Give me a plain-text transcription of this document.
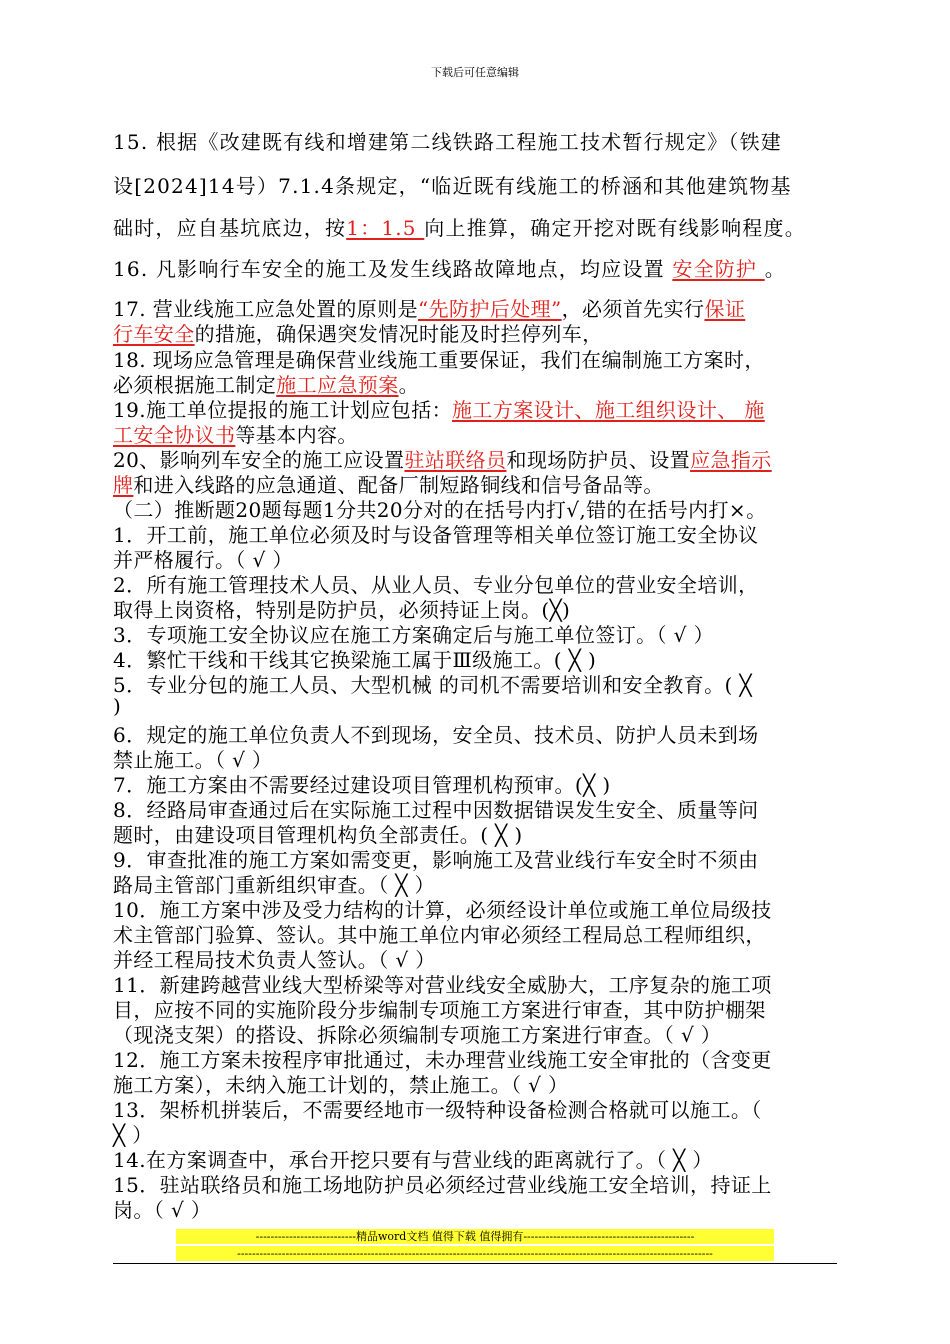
下载后可任意编辑
15. 根据《改建既有线和增建第二线铁路工程施工技术暂行规定》（铁建
设[2024]14号）7.1.4条规定，“临近既有线施工的桥涵和其他建筑物基
础时，应自基坑底边，按1：1.5 向上推算，确定开挖对既有线影响程度。
16. 凡影响行车安全的施工及发生线路故障地点，均应设置 安全防护 。
17. 营业线施工应急处置的原则是“先防护后处理”，必须首先实行保证
行车安全的措施，确保遇突发情况时能及时拦停列车，
18. 现场应急管理是确保营业线施工重要保证，我们在编制施工方案时，
必须根据施工制定施工应急预案。
19.施工单位提报的施工计划应包括：施工方案设计、施工组织设计、 施
工安全协议书等基本内容。
20、影响列车安全的施工应设置驻站联络员和现场防护员、设置应急指示
牌和进入线路的应急通道、配备厂制短路铜线和信号备品等。
（二）推断题20题每题1分共20分对的在括号内打√,错的在括号内打×。
1．开工前，施工单位必须及时与设备管理等相关单位签订施工安全协议
并严格履行。（ √ ）
2．所有施工管理技术人员、从业人员、专业分包单位的营业安全培训，
取得上岗资格，特别是防护员，必须持证上岗。(╳)
3．专项施工安全协议应在施工方案确定后与施工单位签订。（ √ ）
4．繁忙干线和干线其它换梁施工属于Ⅲ级施工。( ╳ )
5．专业分包的施工人员、大型机械 的司机不需要培训和安全教育。( ╳
)
6．规定的施工单位负责人不到现场，安全员、技术员、防护人员未到场
禁止施工。（ √ ）
7．施工方案由不需要经过建设项目管理机构预审。(╳ )
8．经路局审查通过后在实际施工过程中因数据错误发生安全、质量等问
题时，由建设项目管理机构负全部责任。( ╳ )
9．审查批准的施工方案如需变更，影响施工及营业线行车安全时不须由
路局主管部门重新组织审查。（ ╳ ）
10．施工方案中涉及受力结构的计算，必须经设计单位或施工单位局级技
术主管部门验算、签认。其中施工单位内审必须经工程局总工程师组织，
并经工程局技术负责人签认。（ √ ）
11．新建跨越营业线大型桥梁等对营业线安全威胁大，工序复杂的施工项
目，应按不同的实施阶段分步编制专项施工方案进行审查，其中防护棚架
（现浇支架）的搭设、拆除必须编制专项施工方案进行审查。（ √ ）
12．施工方案未按程序审批通过，未办理营业线施工安全审批的（含变更
施工方案），未纳入施工计划的，禁止施工。（ √ ）
13．架桥机拼装后，不需要经地市一级特种设备检测合格就可以施工。（
╳ ）
14.在方案调查中，承台开挖只要有与营业线的距离就行了。（ ╳ ）
15．驻站联络员和施工场地防护员必须经过营业线施工安全培训，持证上
岗。（ √ ）
---------------------------精品word文档 值得下载 值得拥有----------------------------------------------
--------------------------------------------------------------------------------------------------------------------------------
